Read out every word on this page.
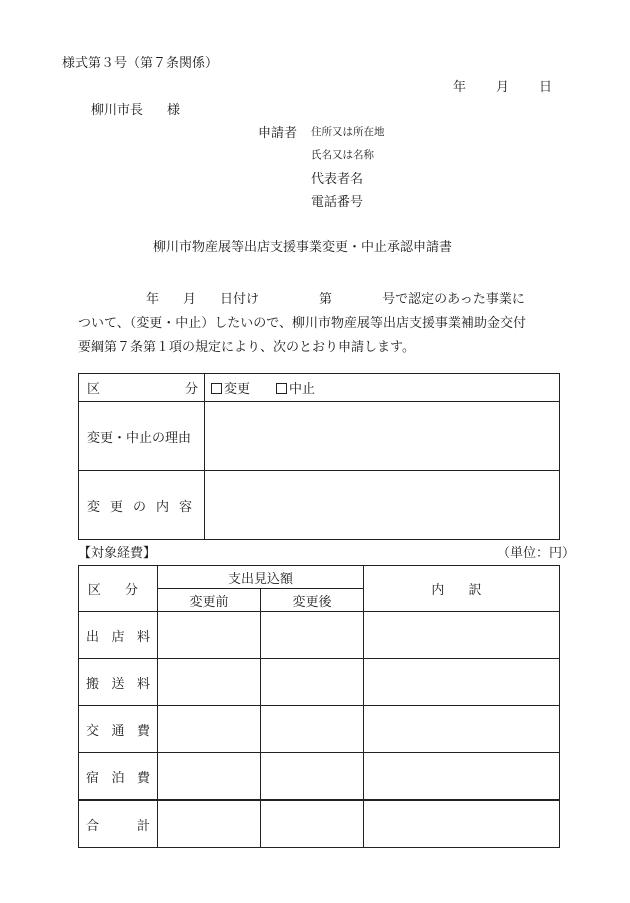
様式第３号（第７条関係）
年 月 日
柳川市長 様
申請者 住所又は所在地
氏名又は名称
代表者名
電話番号
柳川市物産展等出店支援事業変更・中止承認申請書
年 月 日付け	第	号で認定のあった事業に
ついて、（変更・中止）したいので、柳川市物産展等出店支援事業補助金交付
要綱第７条第１項の規定により、次のとおり申請します。
区 分	変更 中止
変更・中止の理由	
変更の内容	
【対象経費】	（単位：円）
区 分	支出見込額		内 訳
	変更前	変更後	
出店料			
搬送料			
交通費			
宿泊費			
合計			
